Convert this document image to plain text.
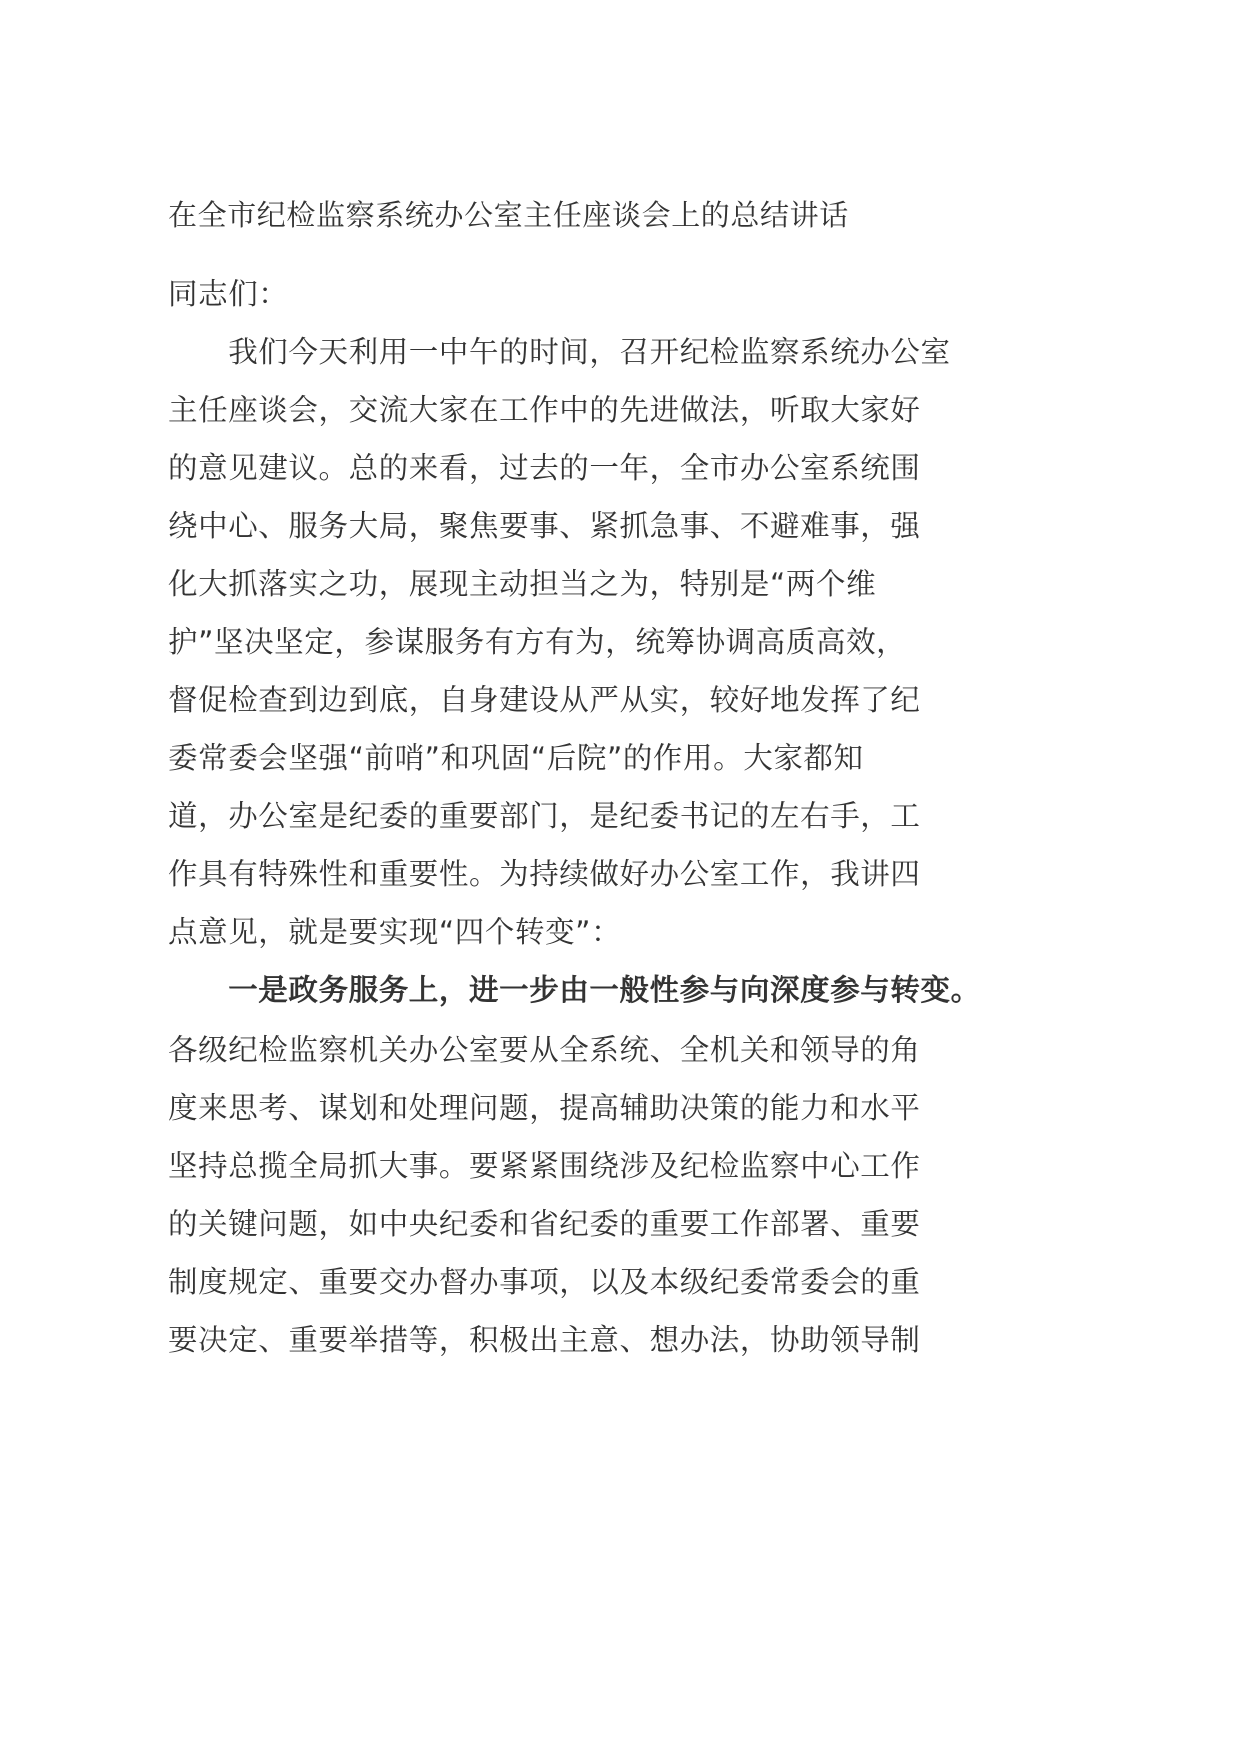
在全市纪检监察系统办公室主任座谈会上的总结讲话
同志们：
　　我们今天利用一中午的时间，召开纪检监察系统办公室
主任座谈会，交流大家在工作中的先进做法，听取大家好
的意见建议。总的来看，过去的一年，全市办公室系统围
绕中心、服务大局，聚焦要事、紧抓急事、不避难事，强
化大抓落实之功，展现主动担当之为，特别是“两个维
护”坚决坚定，参谋服务有方有为，统筹协调高质高效，
督促检查到边到底，自身建设从严从实，较好地发挥了纪
委常委会坚强“前哨”和巩固“后院”的作用。大家都知
道，办公室是纪委的重要部门，是纪委书记的左右手，工
作具有特殊性和重要性。为持续做好办公室工作，我讲四
点意见，就是要实现“四个转变”：
　　一是政务服务上，进一步由一般性参与向深度参与转变。
各级纪检监察机关办公室要从全系统、全机关和领导的角
度来思考、谋划和处理问题，提高辅助决策的能力和水平
坚持总揽全局抓大事。要紧紧围绕涉及纪检监察中心工作
的关键问题，如中央纪委和省纪委的重要工作部署、重要
制度规定、重要交办督办事项，以及本级纪委常委会的重
要决定、重要举措等，积极出主意、想办法，协助领导制
